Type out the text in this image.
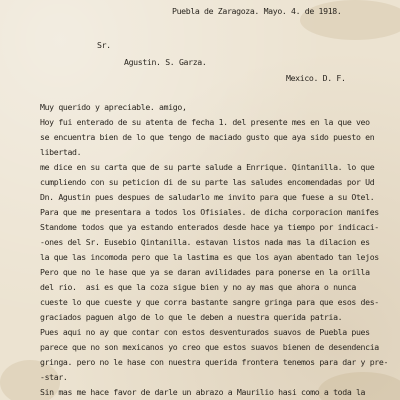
Puebla de Zaragoza. Mayo. 4. de 1918.
Sr.
Agustin. S. Garza.
Mexico. D. F.
Muy querido y apreciable. amigo,
Hoy fui enterado de su atenta de fecha 1. del presente mes en la que veo
se encuentra bien de lo que tengo de maciado gusto que aya sido puesto en
libertad.
me dice en su carta que de su parte salude a Enrrique. Qintanilla. lo que
cumpliendo con su peticion di de su parte las saludes encomendadas por Ud
Dn. Agustin pues despues de saludarlo me invito para que fuese a su Otel.
Para que me presentara a todos los Ofisiales. de dicha corporacion manifes
Standome todos que ya estando enterados desde hace ya tiempo por indicaci-
-ones del Sr. Eusebio Qintanilla. estavan listos nada mas la dilacion es
la que las incomoda pero que la lastima es que los ayan abentado tan lejos
Pero que no le hase que ya se daran avilidades para ponerse en la orilla
del rio.  asi es que la coza sigue bien y no ay mas que ahora o nunca
cueste lo que cueste y que corra bastante sangre gringa para que esos des-
graciados paguen algo de lo que le deben a nuestra querida patria.
Pues aqui no ay que contar con estos desventurados suavos de Puebla pues
parece que no son mexicanos yo creo que estos suavos bienen de desendencia
gringa. pero no le hase con nuestra querida frontera tenemos para dar y pre-
-star.
Sin mas me hace favor de darle un abrazo a Maurilio hasi como a toda la
